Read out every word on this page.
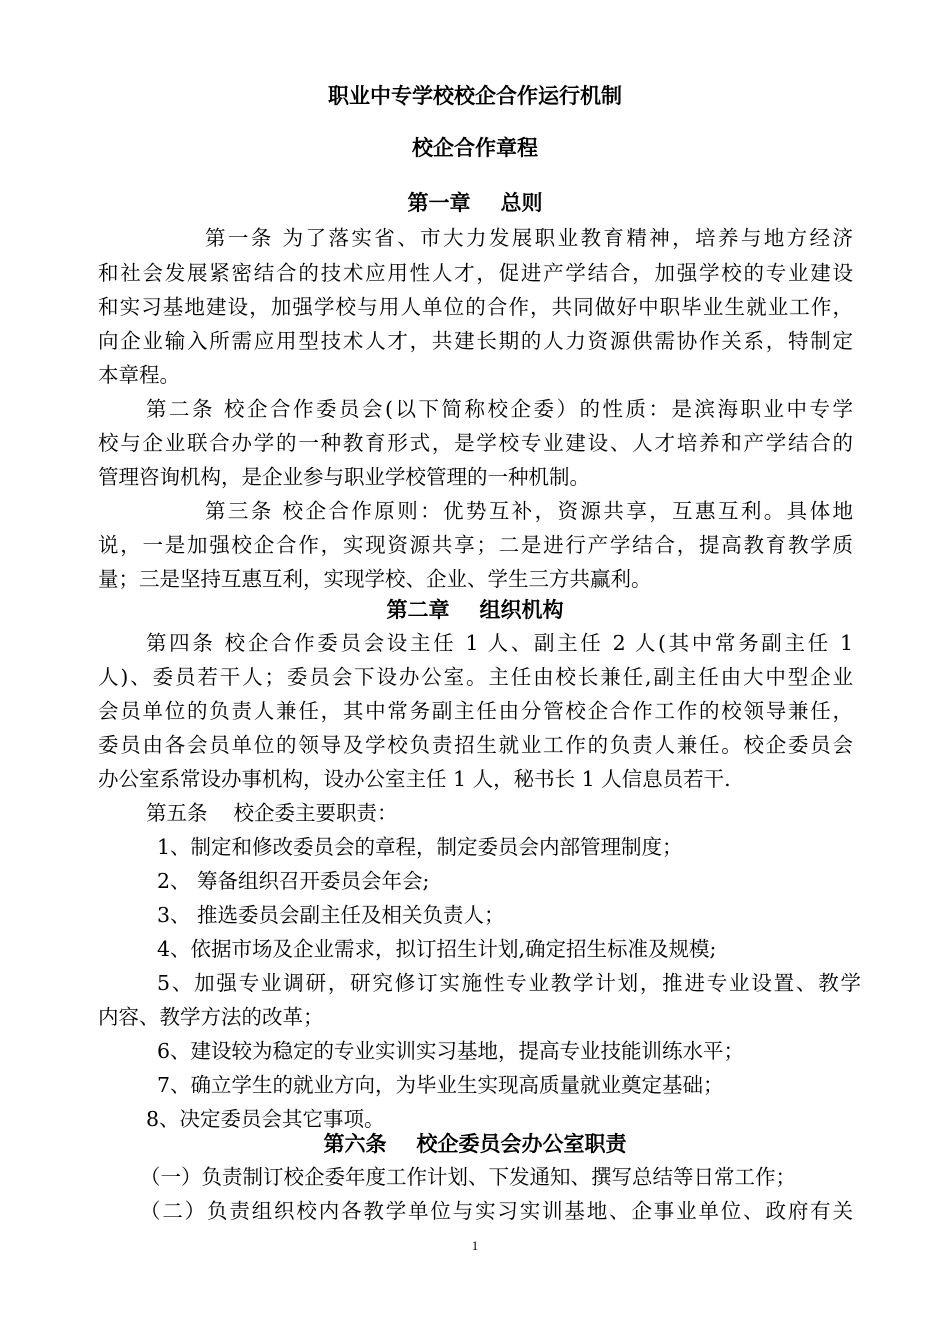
职业中专学校校企合作运行机制
校企合作章程
第一章 总则
第一条 为了落实省、市大力发展职业教育精神，培养与地方经济
和社会发展紧密结合的技术应用性人才，促进产学结合，加强学校的专业建设
和实习基地建设，加强学校与用人单位的合作，共同做好中职毕业生就业工作，
向企业输入所需应用型技术人才，共建长期的人力资源供需协作关系，特制定
本章程。
第二条 校企合作委员会(以下简称校企委）的性质：是滨海职业中专学
校与企业联合办学的一种教育形式，是学校专业建设、人才培养和产学结合的
管理咨询机构，是企业参与职业学校管理的一种机制。
第三条 校企合作原则：优势互补，资源共享，互惠互利。具体地
说，一是加强校企合作，实现资源共享；二是进行产学结合，提高教育教学质
量；三是坚持互惠互利，实现学校、企业、学生三方共赢利。
第二章 组织机构
第四条 校企合作委员会设主任 1 人、副主任 2 人(其中常务副主任 1
人)、委员若干人；委员会下设办公室。主任由校长兼任,副主任由大中型企业
会员单位的负责人兼任，其中常务副主任由分管校企合作工作的校领导兼任，
委员由各会员单位的领导及学校负责招生就业工作的负责人兼任。校企委员会
办公室系常设办事机构，设办公室主任 1 人，秘书长 1 人信息员若干.
第五条 校企委主要职责：
1、制定和修改委员会的章程，制定委员会内部管理制度；
2、 筹备组织召开委员会年会;
3、 推选委员会副主任及相关负责人；
4、依据市场及企业需求，拟订招生计划,确定招生标准及规模;
5、加强专业调研，研究修订实施性专业教学计划，推进专业设置、教学
内容、教学方法的改革；
6、建设较为稳定的专业实训实习基地，提高专业技能训练水平；
7、确立学生的就业方向，为毕业生实现高质量就业奠定基础；
8、决定委员会其它事项。
第六条 校企委员会办公室职责
（一）负责制订校企委年度工作计划、下发通知、撰写总结等日常工作；
（二）负责组织校内各教学单位与实习实训基地、企事业单位、政府有关
1
